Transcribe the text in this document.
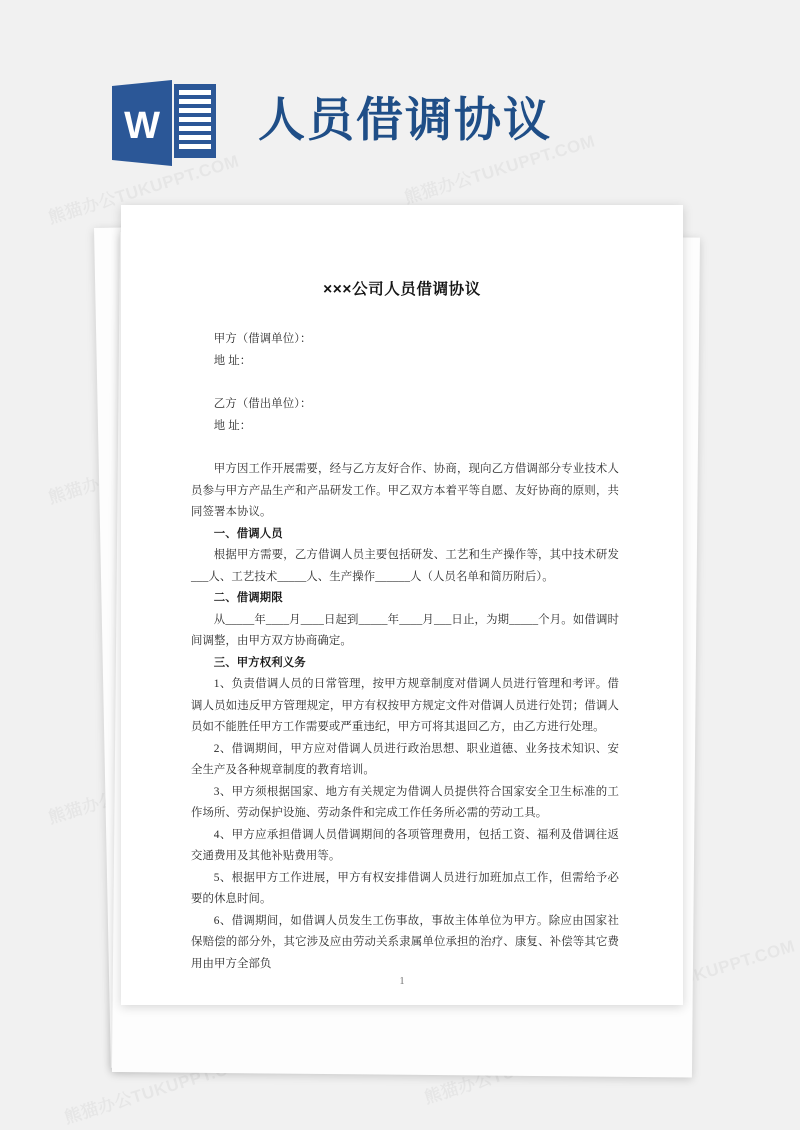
W 人员借调协议
×××公司人员借调协议

甲方（借调单位）：

地 址：

乙方（借出单位）：

地 址：

甲方因工作开展需要，经与乙方友好合作、协商，现向乙方借调部分专业技术人员参与甲方产品生产和产品研发工作。甲乙双方本着平等自愿、友好协商的原则，共同签署本协议。

一、借调人员

根据甲方需要，乙方借调人员主要包括研发、工艺和生产操作等，其中技术研发___人、工艺技术_____人、生产操作______人（人员名单和简历附后）。

二、借调期限

从_____年____月____日起到_____年____月___日止，为期_____个月。如借调时间调整，由甲方双方协商确定。

三、甲方权利义务

1、负责借调人员的日常管理，按甲方规章制度对借调人员进行管理和考评。借调人员如违反甲方管理规定，甲方有权按甲方规定文件对借调人员进行处罚；借调人员如不能胜任甲方工作需要或严重违纪，甲方可将其退回乙方，由乙方进行处理。

2、借调期间，甲方应对借调人员进行政治思想、职业道德、业务技术知识、安全生产及各种规章制度的教育培训。

3、甲方须根据国家、地方有关规定为借调人员提供符合国家安全卫生标准的工作场所、劳动保护设施、劳动条件和完成工作任务所必需的劳动工具。

4、甲方应承担借调人员借调期间的各项管理费用，包括工资、福利及借调往返交通费用及其他补贴费用等。

5、根据甲方工作进展，甲方有权安排借调人员进行加班加点工作，但需给予必要的休息时间。

6、借调期间，如借调人员发生工伤事故，事故主体单位为甲方。除应由国家社保赔偿的部分外，其它涉及应由劳动关系隶属单位承担的治疗、康复、补偿等其它费用由甲方全部负

1
